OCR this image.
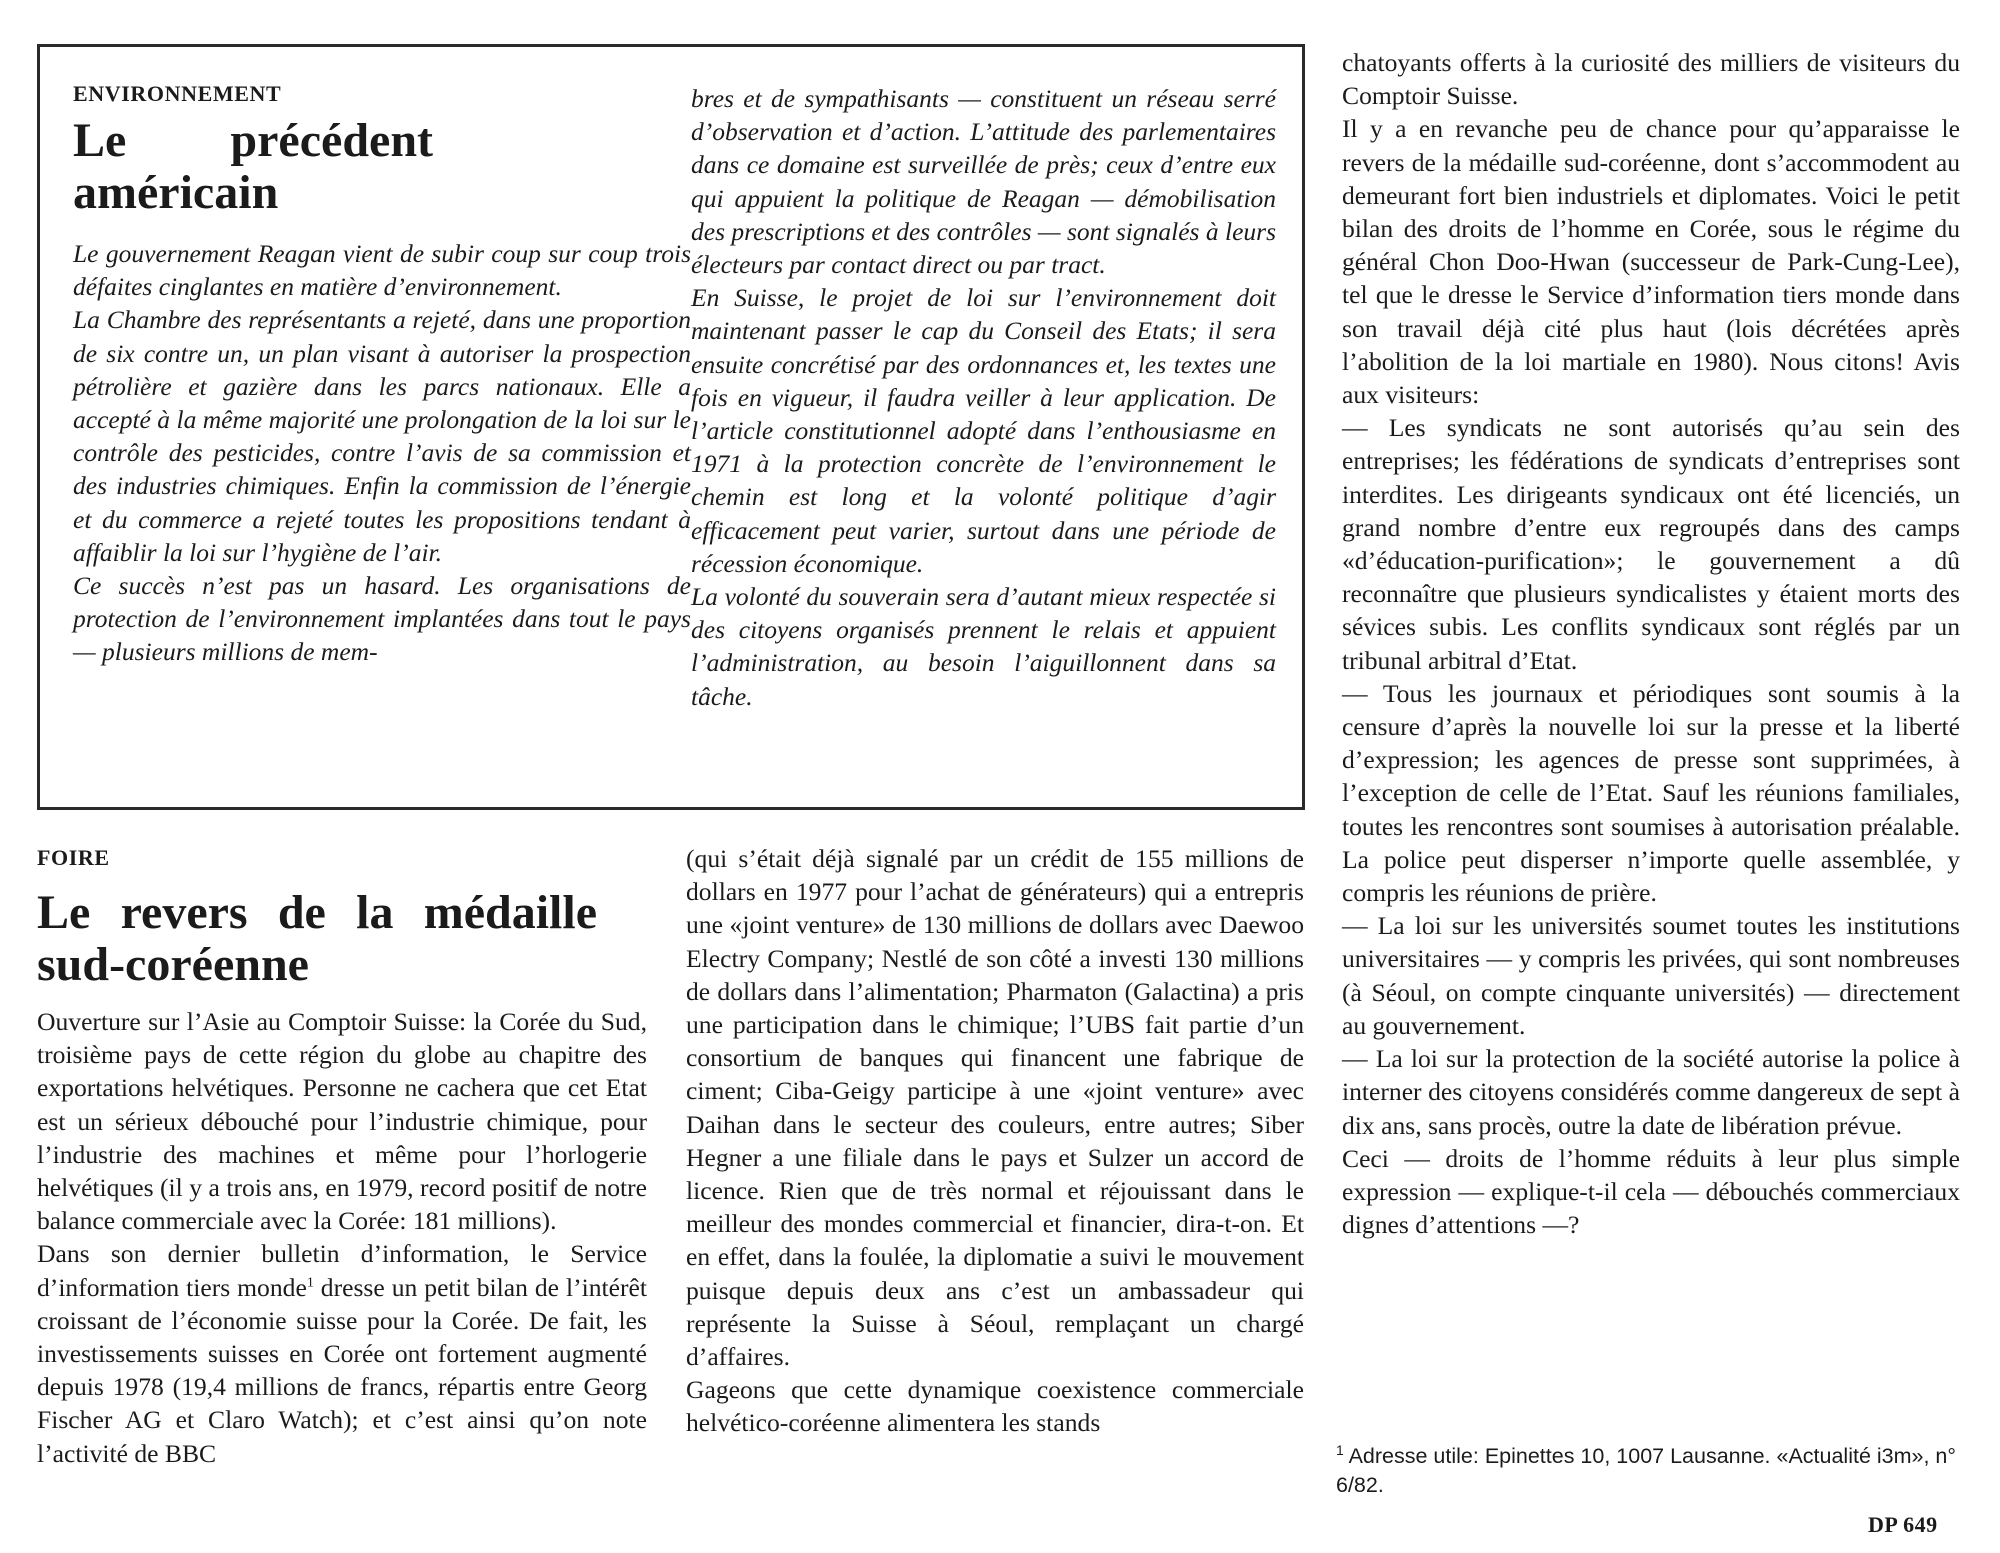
ENVIRONNEMENT
Le précédent américain

Le gouvernement Reagan vient de subir coup sur coup trois défaites cinglantes en matière d’environnement.

La Chambre des représentants a rejeté, dans une proportion de six contre un, un plan visant à autoriser la prospection pétrolière et gazière dans les parcs nationaux. Elle a accepté à la même majorité une prolongation de la loi sur le contrôle des pesticides, contre l’avis de sa commission et des industries chimiques. Enfin la commission de l’énergie et du commerce a rejeté toutes les propositions tendant à affaiblir la loi sur l’hygiène de l’air.

Ce succès n’est pas un hasard. Les organisations de protection de l’environnement implantées dans tout le pays — plusieurs millions de mem-

bres et de sympathisants — constituent un réseau serré d’observation et d’action. L’attitude des parlementaires dans ce domaine est surveillée de près; ceux d’entre eux qui appuient la politique de Reagan — démobilisation des prescriptions et des contrôles — sont signalés à leurs électeurs par contact direct ou par tract.

En Suisse, le projet de loi sur l’environnement doit maintenant passer le cap du Conseil des Etats; il sera ensuite concrétisé par des ordonnances et, les textes une fois en vigueur, il faudra veiller à leur application. De l’article constitutionnel adopté dans l’enthousiasme en 1971 à la protection concrète de l’environnement le chemin est long et la volonté politique d’agir efficacement peut varier, surtout dans une période de récession économique.

La volonté du souverain sera d’autant mieux respectée si des citoyens organisés prennent le relais et appuient l’administration, au besoin l’aiguillonnent dans sa tâche.

FOIRE
Le revers de la médaille sud-coréenne

Ouverture sur l’Asie au Comptoir Suisse: la Corée du Sud, troisième pays de cette région du globe au chapitre des exportations helvétiques. Personne ne cachera que cet Etat est un sérieux débouché pour l’industrie chimique, pour l’industrie des machines et même pour l’horlogerie helvétiques (il y a trois ans, en 1979, record positif de notre balance commerciale avec la Corée: 181 millions).

Dans son dernier bulletin d’information, le Service d’information tiers monde$^1$ dresse un petit bilan de l’intérêt croissant de l’économie suisse pour la Corée. De fait, les investissements suisses en Corée ont fortement augmenté depuis 1978 (19,4 millions de francs, répartis entre Georg Fischer AG et Claro Watch); et c’est ainsi qu’on note l’activité de BBC

(qui s’était déjà signalé par un crédit de 155 millions de dollars en 1977 pour l’achat de générateurs) qui a entrepris une «joint venture» de 130 millions de dollars avec Daewoo Electry Company; Nestlé de son côté a investi 130 millions de dollars dans l’alimentation; Pharmaton (Galactina) a pris une participation dans le chimique; l’UBS fait partie d’un consortium de banques qui financent une fabrique de ciment; Ciba-Geigy participe à une «joint venture» avec Daihan dans le secteur des couleurs, entre autres; Siber Hegner a une filiale dans le pays et Sulzer un accord de licence. Rien que de très normal et réjouissant dans le meilleur des mondes commercial et financier, dira-t-on. Et en effet, dans la foulée, la diplomatie a suivi le mouvement puisque depuis deux ans c’est un ambassadeur qui représente la Suisse à Séoul, remplaçant un chargé d’affaires.

Gageons que cette dynamique coexistence commerciale helvético-coréenne alimentera les stands

chatoyants offerts à la curiosité des milliers de visiteurs du Comptoir Suisse.

Il y a en revanche peu de chance pour qu’apparaisse le revers de la médaille sud-coréenne, dont s’accommodent au demeurant fort bien industriels et diplomates. Voici le petit bilan des droits de l’homme en Corée, sous le régime du général Chon Doo-Hwan (successeur de Park-Cung-Lee), tel que le dresse le Service d’information tiers monde dans son travail déjà cité plus haut (lois décrétées après l’abolition de la loi martiale en 1980). Nous citons! Avis aux visiteurs:

— Les syndicats ne sont autorisés qu’au sein des entreprises; les fédérations de syndicats d’entreprises sont interdites. Les dirigeants syndicaux ont été licenciés, un grand nombre d’entre eux regroupés dans des camps «d’éducation-purification»; le gouvernement a dû reconnaître que plusieurs syndicalistes y étaient morts des sévices subis. Les conflits syndicaux sont réglés par un tribunal arbitral d’Etat.

— Tous les journaux et périodiques sont soumis à la censure d’après la nouvelle loi sur la presse et la liberté d’expression; les agences de presse sont supprimées, à l’exception de celle de l’Etat. Sauf les réunions familiales, toutes les rencontres sont soumises à autorisation préalable. La police peut disperser n’importe quelle assemblée, y compris les réunions de prière.

— La loi sur les universités soumet toutes les institutions universitaires — y compris les privées, qui sont nombreuses (à Séoul, on compte cinquante universités) — directement au gouvernement.

— La loi sur la protection de la société autorise la police à interner des citoyens considérés comme dangereux de sept à dix ans, sans procès, outre la date de libération prévue.

Ceci — droits de l’homme réduits à leur plus simple expression — explique-t-il cela — débouchés commerciaux dignes d’attentions —?

$^1$ Adresse utile: Epinettes 10, 1007 Lausanne. «Actualité i3m», n° 6/82.
DP 649
